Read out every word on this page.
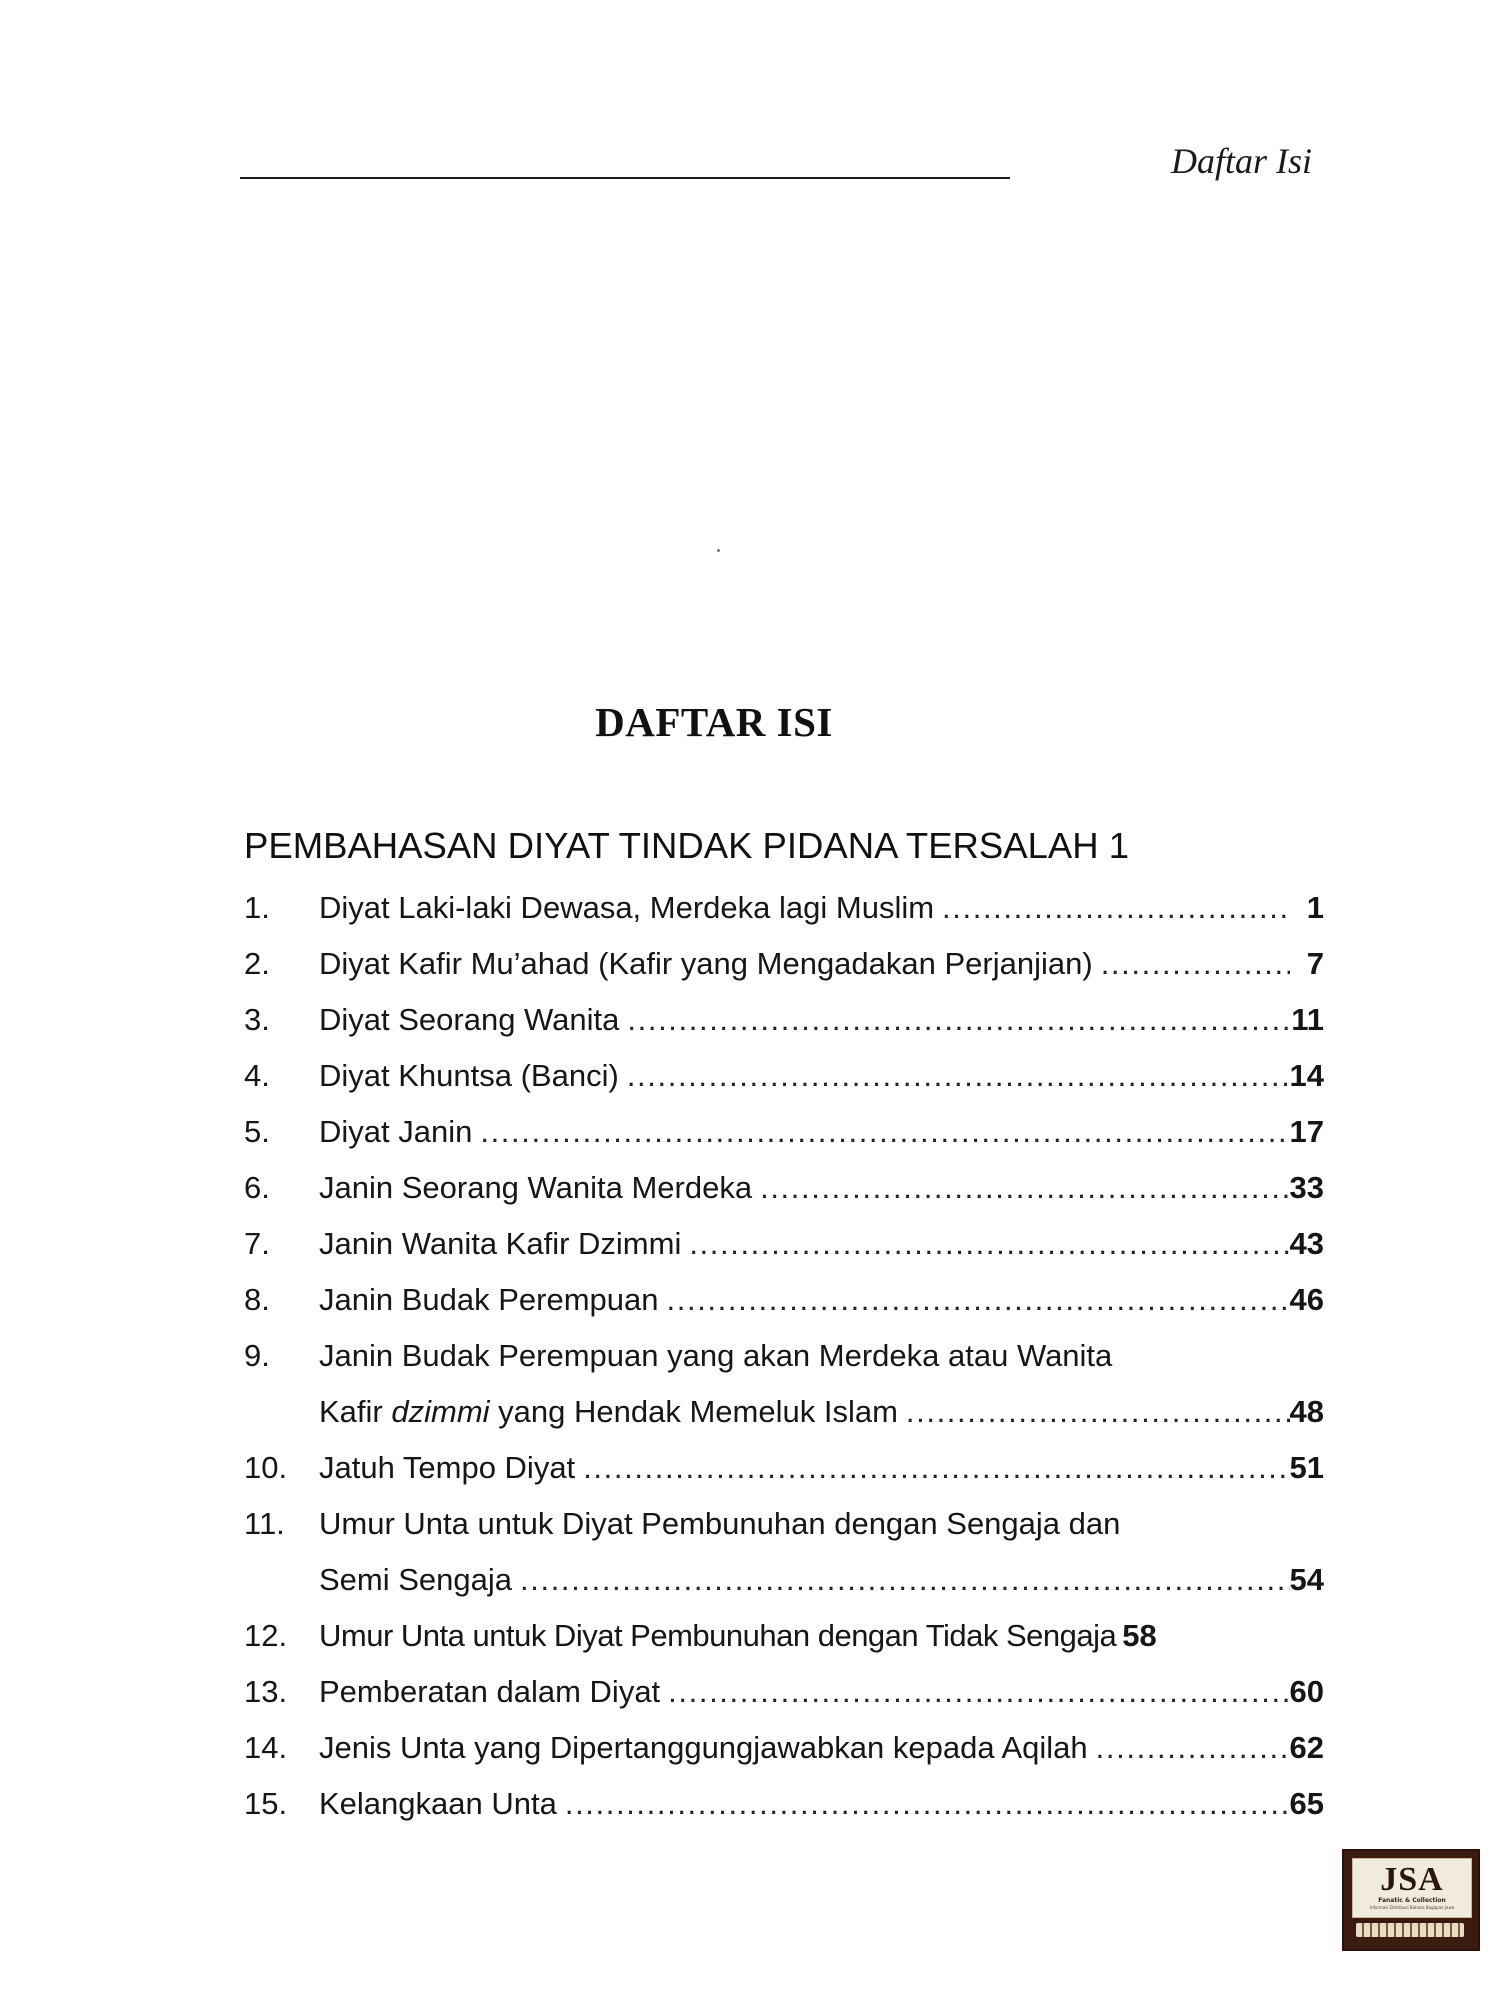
Daftar Isi
DAFTAR ISI
PEMBAHASAN DIYAT TINDAK PIDANA TERSALAH 1
1.	Diyat Laki-laki Dewasa, Merdeka lagi Muslim . . .	1
2.	Diyat Kafir Mu’ahad (Kafir yang Mengadakan Perjanjian) . . .	7
3.	Diyat Seorang Wanita . . .	11
4.	Diyat Khuntsa (Banci) . . .	14
5.	Diyat Janin . . .	17
6.	Janin Seorang Wanita Merdeka . . .	33
7.	Janin Wanita Kafir Dzimmi . . .	43
8.	Janin Budak Perempuan . . .	46
9.	Janin Budak Perempuan yang akan Merdeka atau Wanita
Kafir dzimmi yang Hendak Memeluk Islam . . .	48
10.	Jatuh Tempo Diyat . . .	51
11.	Umur Unta untuk Diyat Pembunuhan dengan Sengaja dan
Semi Sengaja . . .	54
12.	Umur Unta untuk Diyat Pembunuhan dengan Tidak Sengaja 58
13.	Pemberatan dalam Diyat . . .	60
14.	Jenis Unta yang Dipertanggungjawabkan kepada Aqilah . . .	62
15.	Kelangkaan Unta . . .	65
JSA
Fanatic & Collection
Informasi Distribusi Bahasa Bagapan Jawa
